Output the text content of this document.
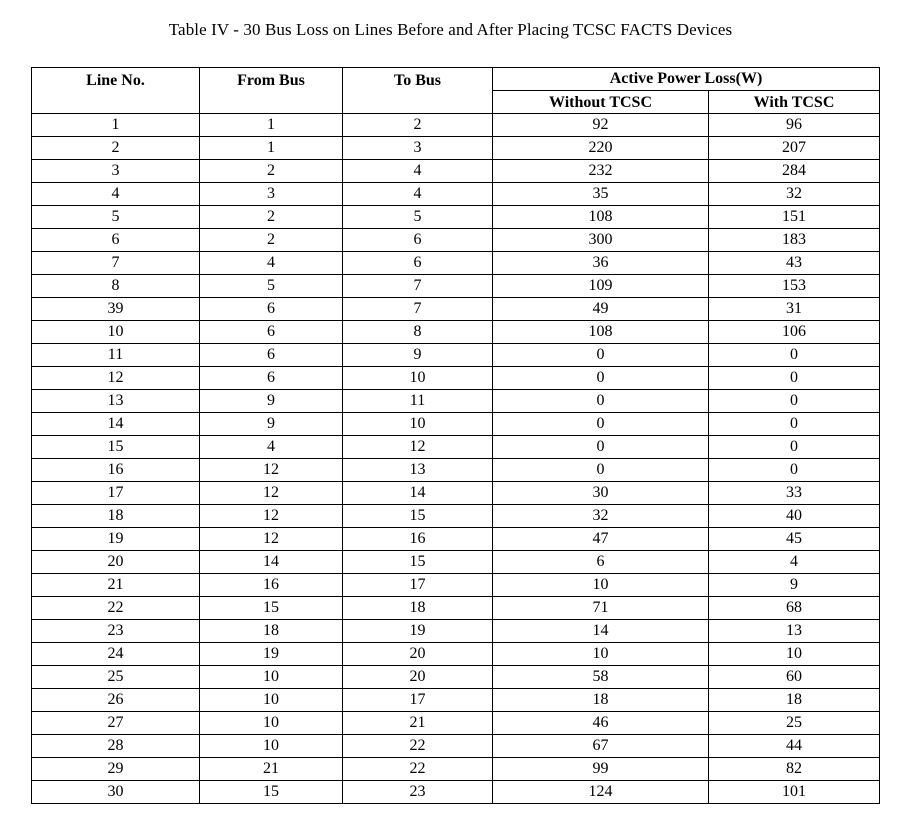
Table IV - 30 Bus Loss on Lines Before and After Placing TCSC FACTS Devices
Line No.	From Bus	To Bus	Active Power Loss(W)	
			Without TCSC	With TCSC
1	1	2	92	96
2	1	3	220	207
3	2	4	232	284
4	3	4	35	32
5	2	5	108	151
6	2	6	300	183
7	4	6	36	43
8	5	7	109	153
39	6	7	49	31
10	6	8	108	106
11	6	9	0	0
12	6	10	0	0
13	9	11	0	0
14	9	10	0	0
15	4	12	0	0
16	12	13	0	0
17	12	14	30	33
18	12	15	32	40
19	12	16	47	45
20	14	15	6	4
21	16	17	10	9
22	15	18	71	68
23	18	19	14	13
24	19	20	10	10
25	10	20	58	60
26	10	17	18	18
27	10	21	46	25
28	10	22	67	44
29	21	22	99	82
30	15	23	124	101
